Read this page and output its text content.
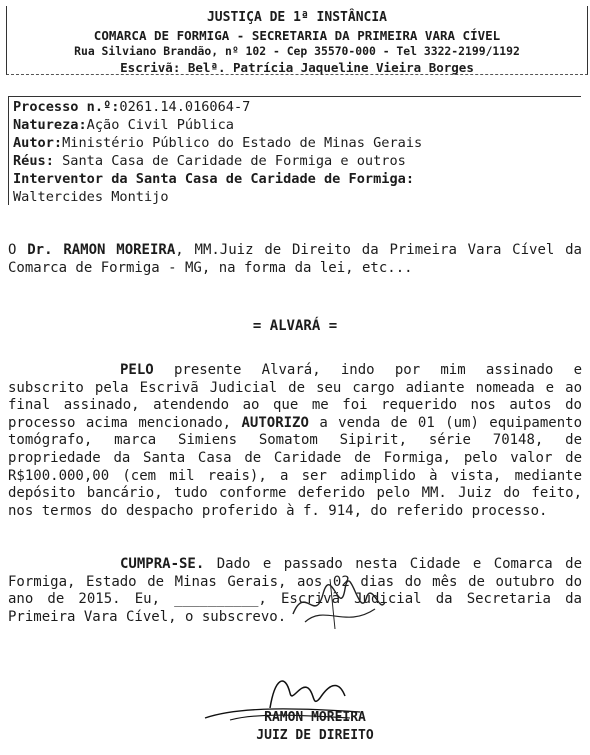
JUSTIÇA DE 1ª INSTÂNCIA
COMARCA DE FORMIGA - SECRETARIA DA PRIMEIRA VARA CÍVEL
Rua Silviano Brandão, nº 102 - Cep 35570-000 - Tel 3322-2199/1192
Escrivã: Belª. Patrícia Jaqueline Vieira Borges
Processo n.º:0261.14.016064-7
Natureza:Ação Civil Pública
Autor:Ministério Público do Estado de Minas Gerais
Réus: Santa Casa de Caridade de Formiga e outros
Interventor da Santa Casa de Caridade de Formiga:
Waltercides Montijo
O Dr. RAMON MOREIRA, MM.Juiz de Direito da Primeira Vara Cível da Comarca de Formiga - MG, na forma da lei, etc...
= ALVARÁ =
PELO presente Alvará, indo por mim assinado e subscrito pela Escrivã Judicial de seu cargo adiante nomeada e ao final assinado, atendendo ao que me foi requerido nos autos do processo acima mencionado, AUTORIZO a venda de 01 (um) equipamento tomógrafo, marca Simiens Somatom Sipirit, série 70148, de propriedade da Santa Casa de Caridade de Formiga, pelo valor de R$100.000,00 (cem mil reais), a ser adimplido à vista, mediante depósito bancário, tudo conforme deferido pelo MM. Juiz do feito, nos termos do despacho proferido à f. 914, do referido processo.
CUMPRA-SE. Dado e passado nesta Cidade e Comarca de Formiga, Estado de Minas Gerais, aos 02 dias do mês de outubro do ano de 2015. Eu, __________, Escrivã Judicial da Secretaria da Primeira Vara Cível, o subscrevo.
RAMON MOREIRA
JUIZ DE DIREITO
